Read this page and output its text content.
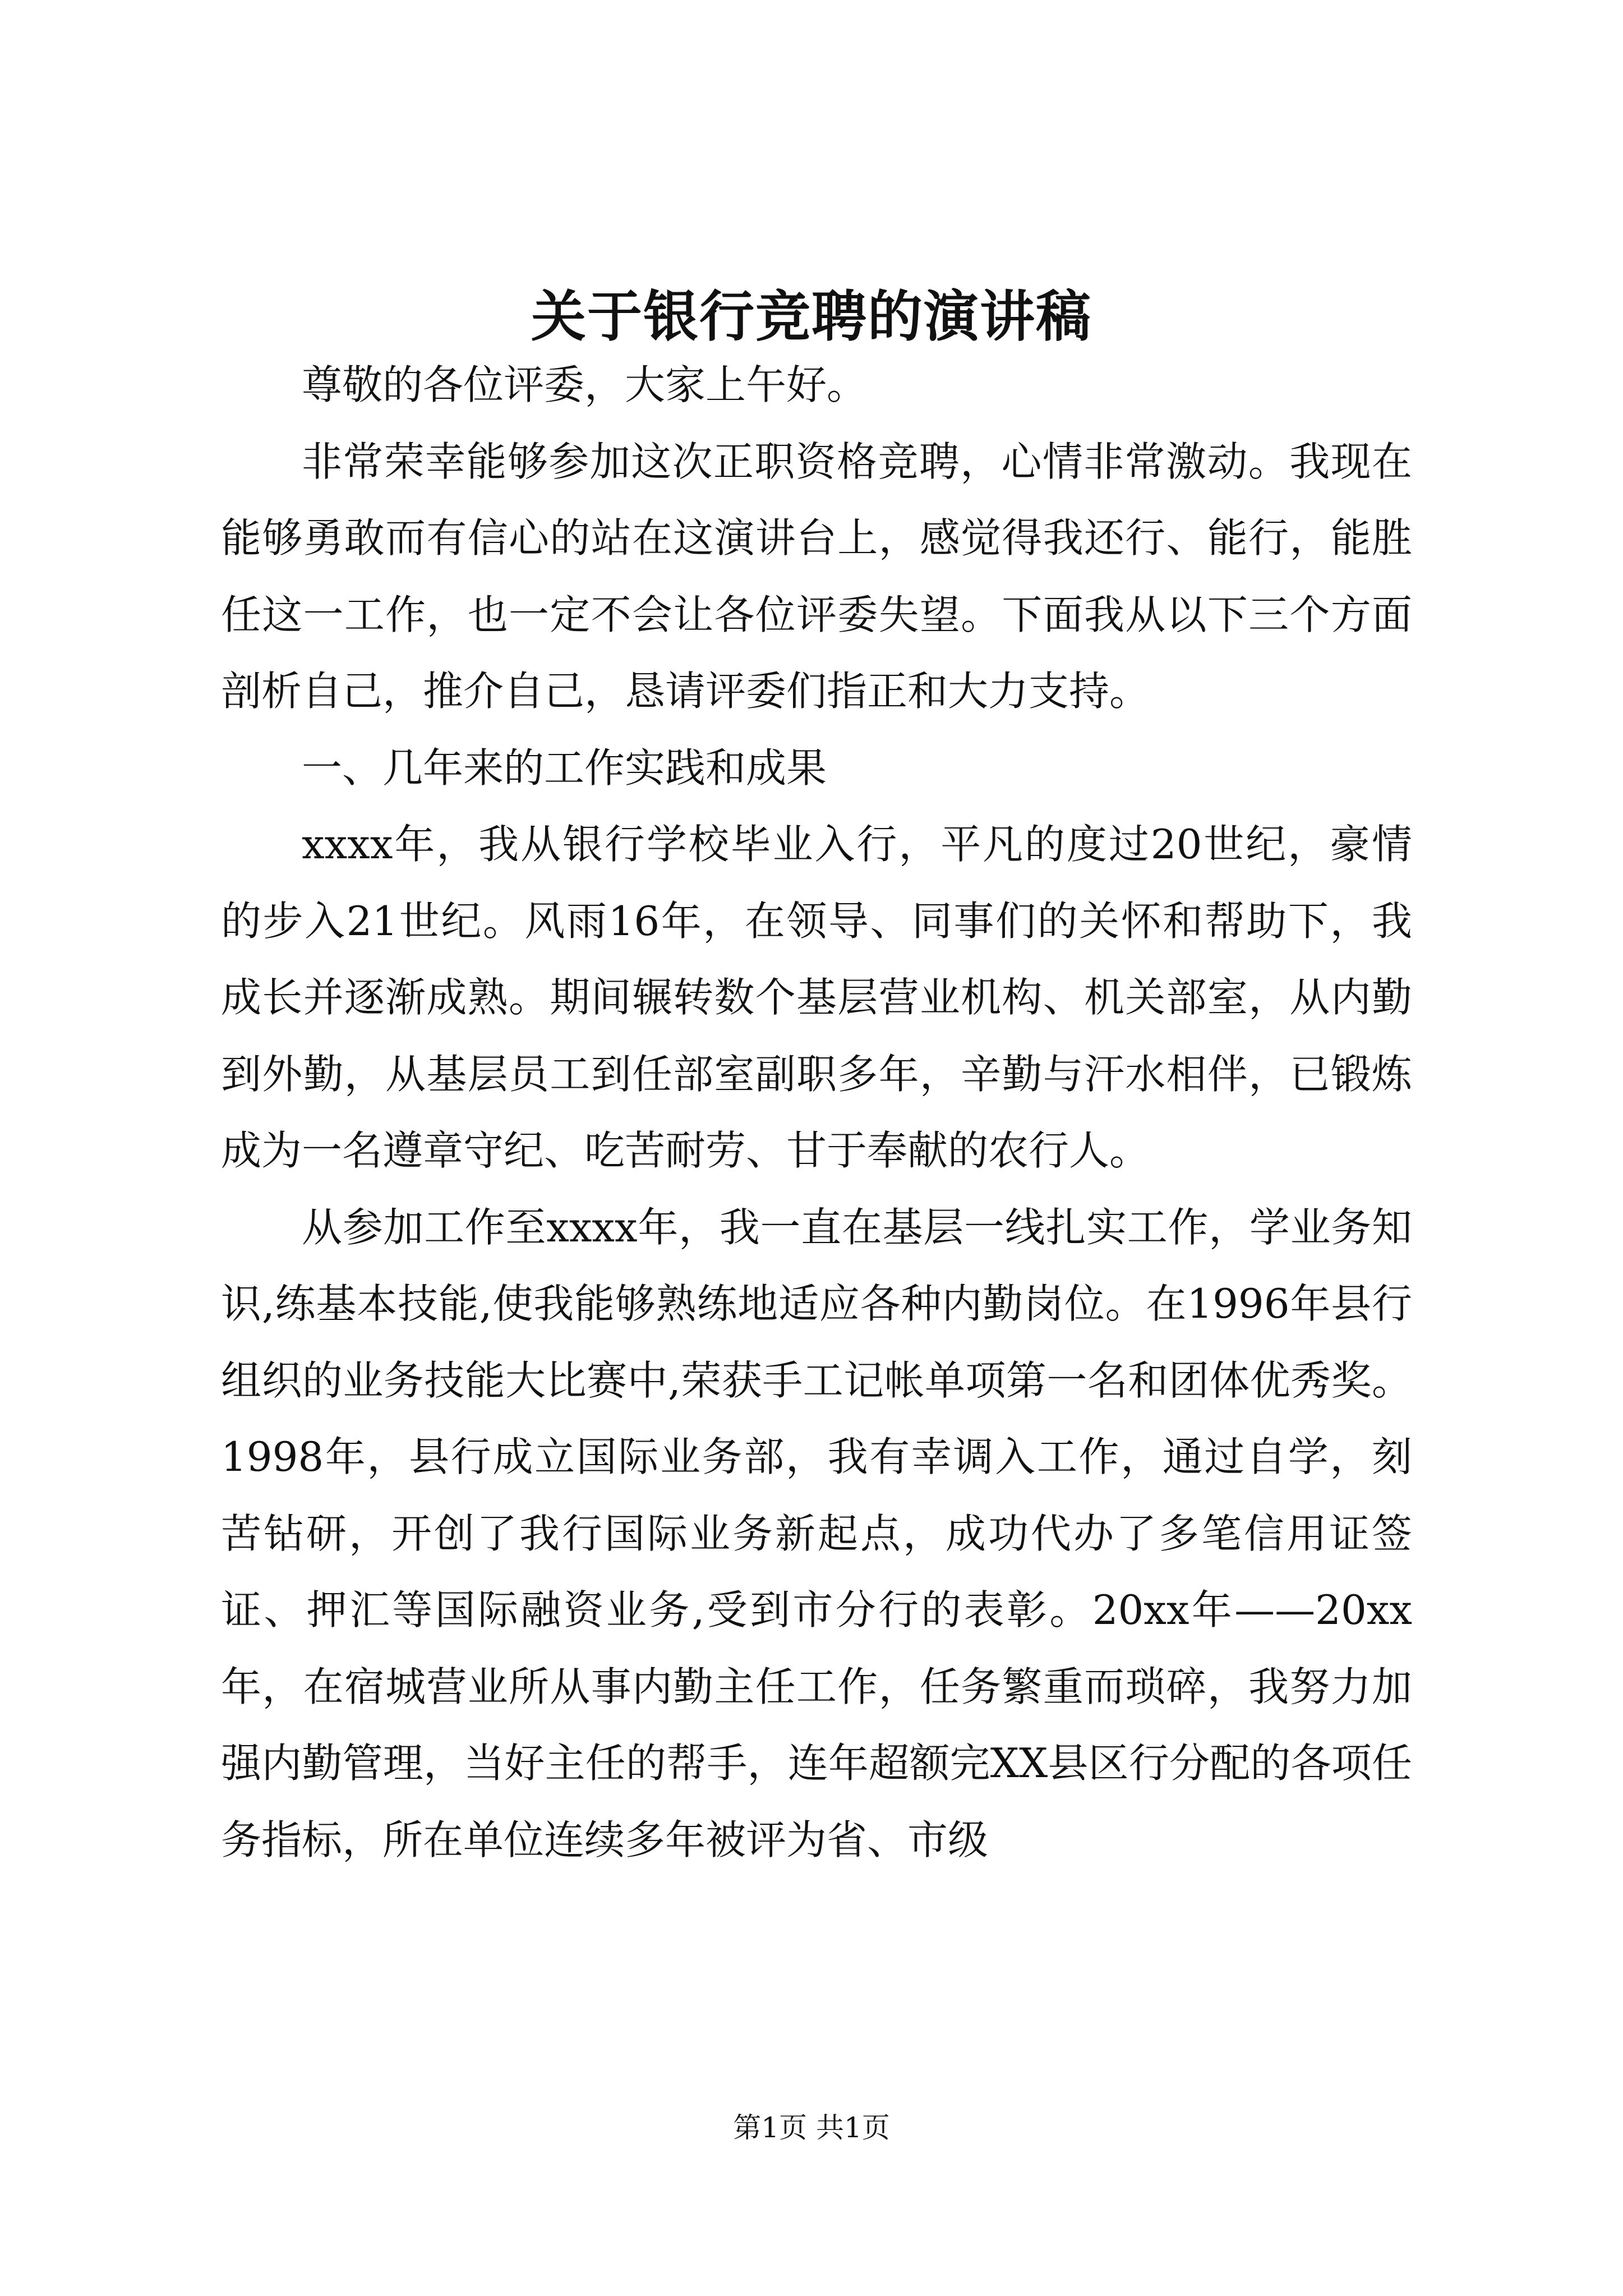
关于银行竞聘的演讲稿

尊敬的各位评委，大家上午好。

非常荣幸能够参加这次正职资格竞聘，心情非常激动。我现在能够勇敢而有信心的站在这演讲台上，感觉得我还行、能行，能胜任这一工作，也一定不会让各位评委失望。下面我从以下三个方面剖析自己，推介自己，恳请评委们指正和大力支持。

一、几年来的工作实践和成果

xxxx年，我从银行学校毕业入行，平凡的度过20世纪，豪情的步入21世纪。风雨16年，在领导、同事们的关怀和帮助下，我成长并逐渐成熟。期间辗转数个基层营业机构、机关部室，从内勤到外勤，从基层员工到任部室副职多年，辛勤与汗水相伴，已锻炼成为一名遵章守纪、吃苦耐劳、甘于奉献的农行人。

从参加工作至xxxx年，我一直在基层一线扎实工作，学业务知识,练基本技能,使我能够熟练地适应各种内勤岗位。在1996年县行组织的业务技能大比赛中,荣获手工记帐单项第一名和团体优秀奖。1998年，县行成立国际业务部，我有幸调入工作，通过自学，刻苦钻研，开创了我行国际业务新起点，成功代办了多笔信用证签证、押汇等国际融资业务,受到市分行的表彰。20xx年——20xx年，在宿城营业所从事内勤主任工作，任务繁重而琐碎，我努力加强内勤管理，当好主任的帮手，连年超额完XX县区行分配的各项任务指标，所在单位连续多年被评为省、市级

第1页 共1页
